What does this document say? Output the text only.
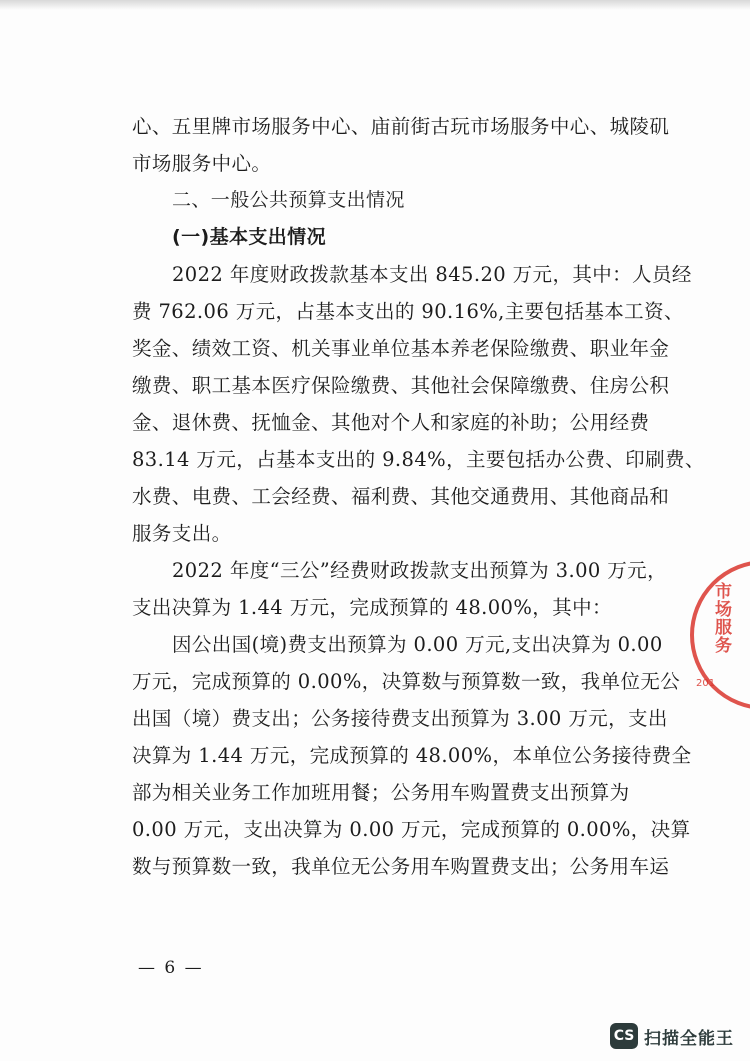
心、五里牌市场服务中心、庙前街古玩市场服务中心、城陵矶
市场服务中心。
二、一般公共预算支出情况
(一)基本支出情况
2022 年度财政拨款基本支出 845.20 万元，其中：人员经
费 762.06 万元，占基本支出的 90.16%,主要包括基本工资、
奖金、绩效工资、机关事业单位基本养老保险缴费、职业年金
缴费、职工基本医疗保险缴费、其他社会保障缴费、住房公积
金、退休费、抚恤金、其他对个人和家庭的补助；公用经费
83.14 万元，占基本支出的 9.84%，主要包括办公费、印刷费、
水费、电费、工会经费、福利费、其他交通费用、其他商品和
服务支出。
2022 年度“三公”经费财政拨款支出预算为 3.00 万元，
支出决算为 1.44 万元，完成预算的 48.00%，其中：
因公出国(境)费支出预算为 0.00 万元,支出决算为 0.00
万元，完成预算的 0.00%，决算数与预算数一致，我单位无公
出国（境）费支出；公务接待费支出预算为 3.00 万元，支出
决算为 1.44 万元，完成预算的 48.00%，本单位公务接待费全
部为相关业务工作加班用餐；公务用车购置费支出预算为
0.00 万元，支出决算为 0.00 万元，完成预算的 0.00%，决算
数与预算数一致，我单位无公务用车购置费支出；公务用车运
— 6 —
市场服务
201
CS 扫描全能王
